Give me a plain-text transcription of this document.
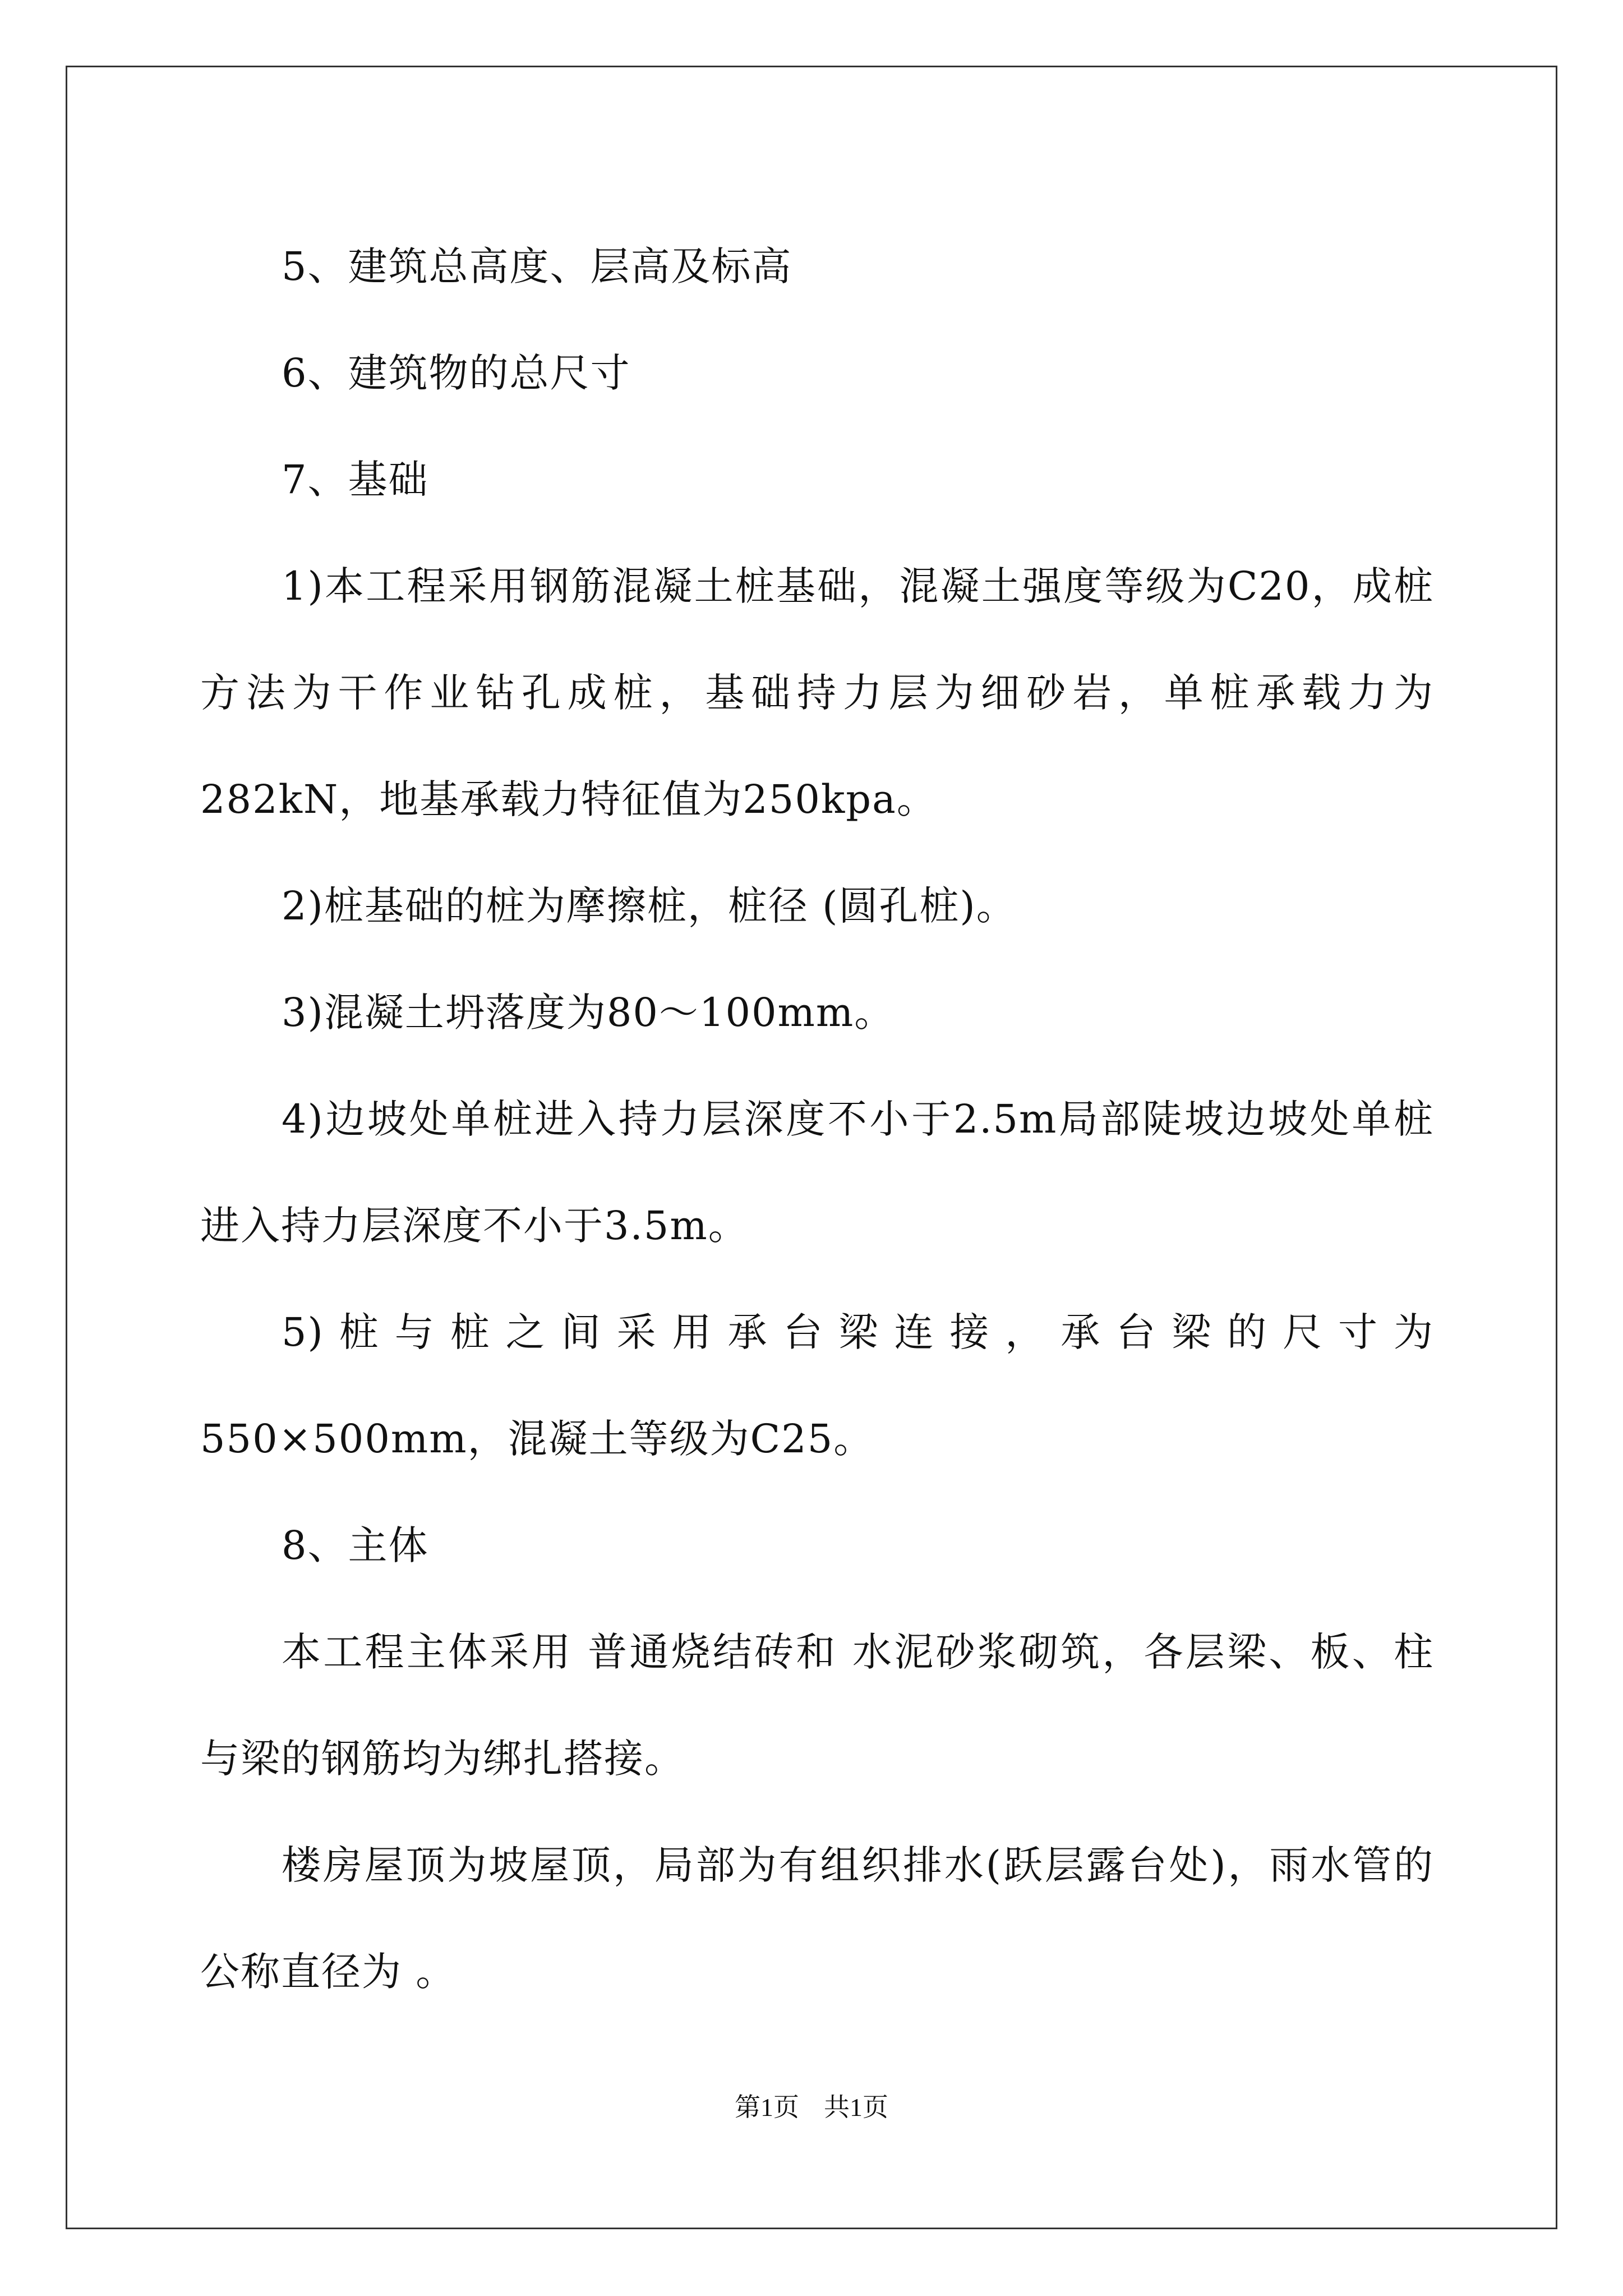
5、建筑总高度、层高及标高

6、建筑物的总尺寸

7、基础

1)本工程采用钢筋混凝土桩基础，混凝土强度等级为C20，成桩方法为干作业钻孔成桩，基础持力层为细砂岩，单桩承载力为282kN，地基承载力特征值为250kpa。

2)桩基础的桩为摩擦桩，桩径 (圆孔桩)。

3)混凝土坍落度为80～100mm。

4)边坡处单桩进入持力层深度不小于2.5m局部陡坡边坡处单桩进入持力层深度不小于3.5m。

5)桩与桩之间采用承台梁连接，承台梁的尺寸为550×500mm，混凝土等级为C25。

8、主体

本工程主体采用 普通烧结砖和 水泥砂浆砌筑，各层梁、板、柱与梁的钢筋均为绑扎搭接。

楼房屋顶为坡屋顶，局部为有组织排水(跃层露台处)，雨水管的公称直径为 。

第1页 共1页
